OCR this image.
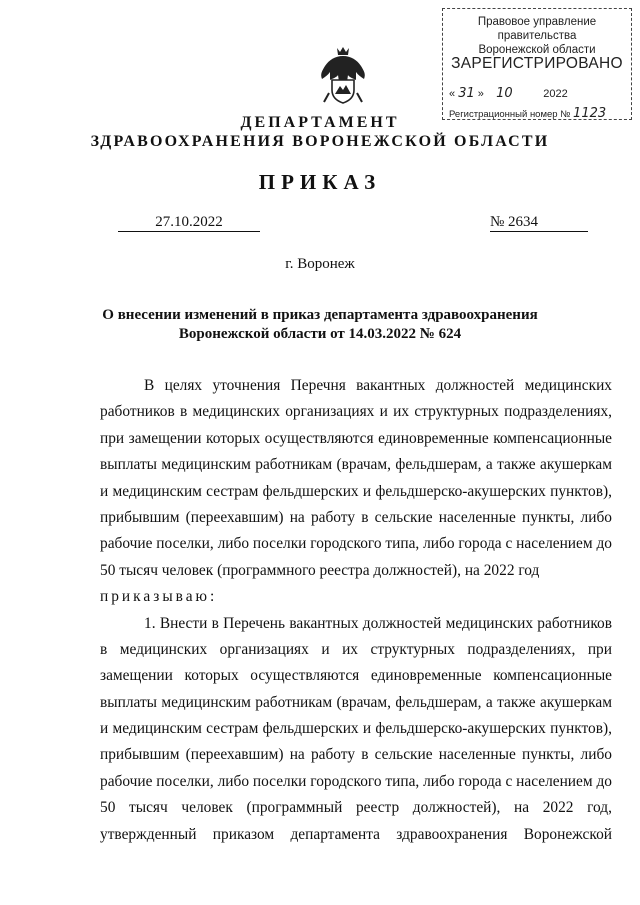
Правовое управление правительства
Воронежской области
ЗАРЕГИСТРИРОВАНО
« 31 » 10	2022
Регистрационный номер № 1123
ДЕПАРТАМЕНТ
ЗДРАВООХРАНЕНИЯ ВОРОНЕЖСКОЙ ОБЛАСТИ
ПРИКАЗ
27.10.2022	№ 2634
г. Воронеж
О внесении изменений в приказ департамента здравоохранения
Воронежской области от 14.03.2022 № 624
В целях уточнения Перечня вакантных должностей медицинских
работников в медицинских организациях и их структурных подразделениях,
при замещении которых осуществляются единовременные компенсационные
выплаты медицинским работникам (врачам, фельдшерам, а также акушеркам
и медицинским сестрам фельдшерских и фельдшерско-акушерских пунктов),
прибывшим (переехавшим) на работу в сельские населенные пункты, либо
рабочие поселки, либо поселки городского типа, либо города с населением до
50 тысяч человек (программного реестра должностей), на 2022 год
приказываю:
1. Внести в Перечень вакантных должностей медицинских работников
в медицинских организациях и их структурных подразделениях, при
замещении которых осуществляются единовременные компенсационные
выплаты медицинским работникам (врачам, фельдшерам, а также акушеркам
и медицинским сестрам фельдшерских и фельдшерско-акушерских пунктов),
прибывшим (переехавшим) на работу в сельские населенные пункты, либо
рабочие поселки, либо поселки городского типа, либо города с населением до
50 тысяч человек (программный реестр должностей), на 2022 год,
утвержденный приказом департамента здравоохранения Воронежской
